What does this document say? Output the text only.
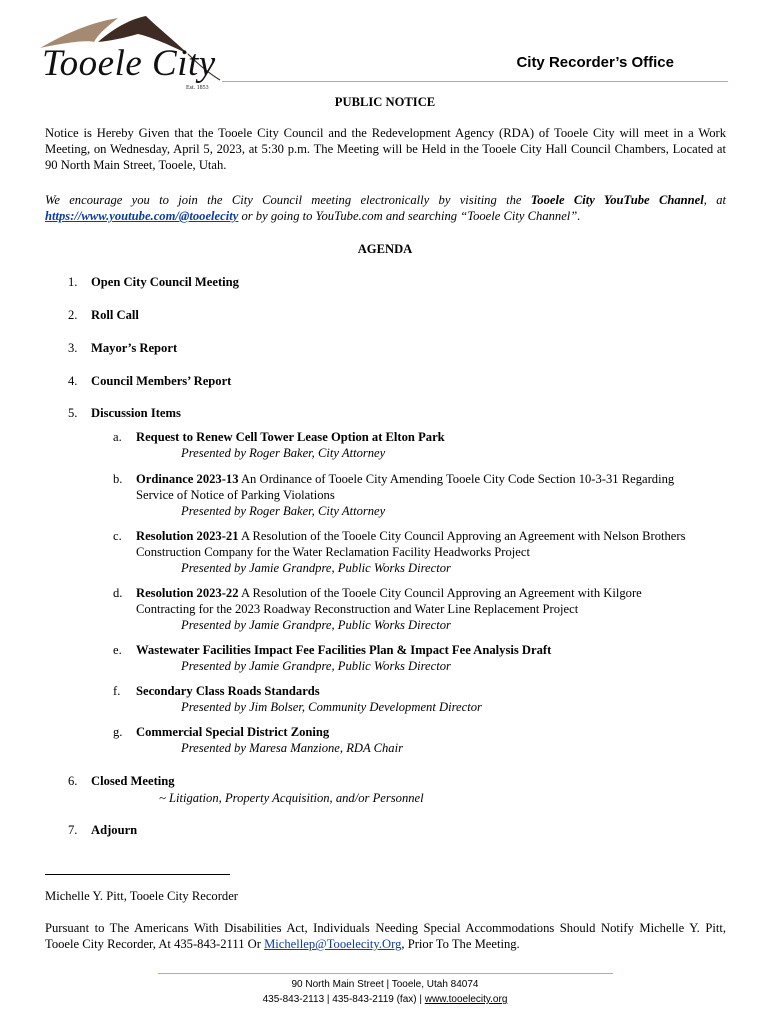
Tooele City
Est. 1853
City Recorder’s Office
PUBLIC NOTICE
Notice is Hereby Given that the Tooele City Council and the Redevelopment Agency (RDA) of Tooele City will meet in a Work Meeting, on Wednesday, April 5, 2023, at 5:30 p.m. The Meeting will be Held in the Tooele City Hall Council Chambers, Located at 90 North Main Street, Tooele, Utah.
We encourage you to join the City Council meeting electronically by visiting the Tooele City YouTube Channel, at https://www.youtube.com/@tooelecity or by going to YouTube.com and searching “Tooele City Channel”.
AGENDA
1. Open City Council Meeting
2. Roll Call
3. Mayor’s Report
4. Council Members’ Report
5. Discussion Items
a. Request to Renew Cell Tower Lease Option at Elton Park
Presented by Roger Baker, City Attorney
b. Ordinance 2023-13 An Ordinance of Tooele City Amending Tooele City Code Section 10-3-31 Regarding Service of Notice of Parking Violations
Presented by Roger Baker, City Attorney
c. Resolution 2023-21 A Resolution of the Tooele City Council Approving an Agreement with Nelson Brothers Construction Company for the Water Reclamation Facility Headworks Project
Presented by Jamie Grandpre, Public Works Director
d. Resolution 2023-22 A Resolution of the Tooele City Council Approving an Agreement with Kilgore Contracting for the 2023 Roadway Reconstruction and Water Line Replacement Project
Presented by Jamie Grandpre, Public Works Director
e. Wastewater Facilities Impact Fee Facilities Plan & Impact Fee Analysis Draft
Presented by Jamie Grandpre, Public Works Director
f. Secondary Class Roads Standards
Presented by Jim Bolser, Community Development Director
g. Commercial Special District Zoning
Presented by Maresa Manzione, RDA Chair
6. Closed Meeting
~ Litigation, Property Acquisition, and/or Personnel
7. Adjourn
Michelle Y. Pitt, Tooele City Recorder
Pursuant to The Americans With Disabilities Act, Individuals Needing Special Accommodations Should Notify Michelle Y. Pitt, Tooele City Recorder, At 435-843-2111 Or Michellep@Tooelecity.Org, Prior To The Meeting.
90 North Main Street | Tooele, Utah 84074
435-843-2113 | 435-843-2119 (fax) | www.tooelecity.org
